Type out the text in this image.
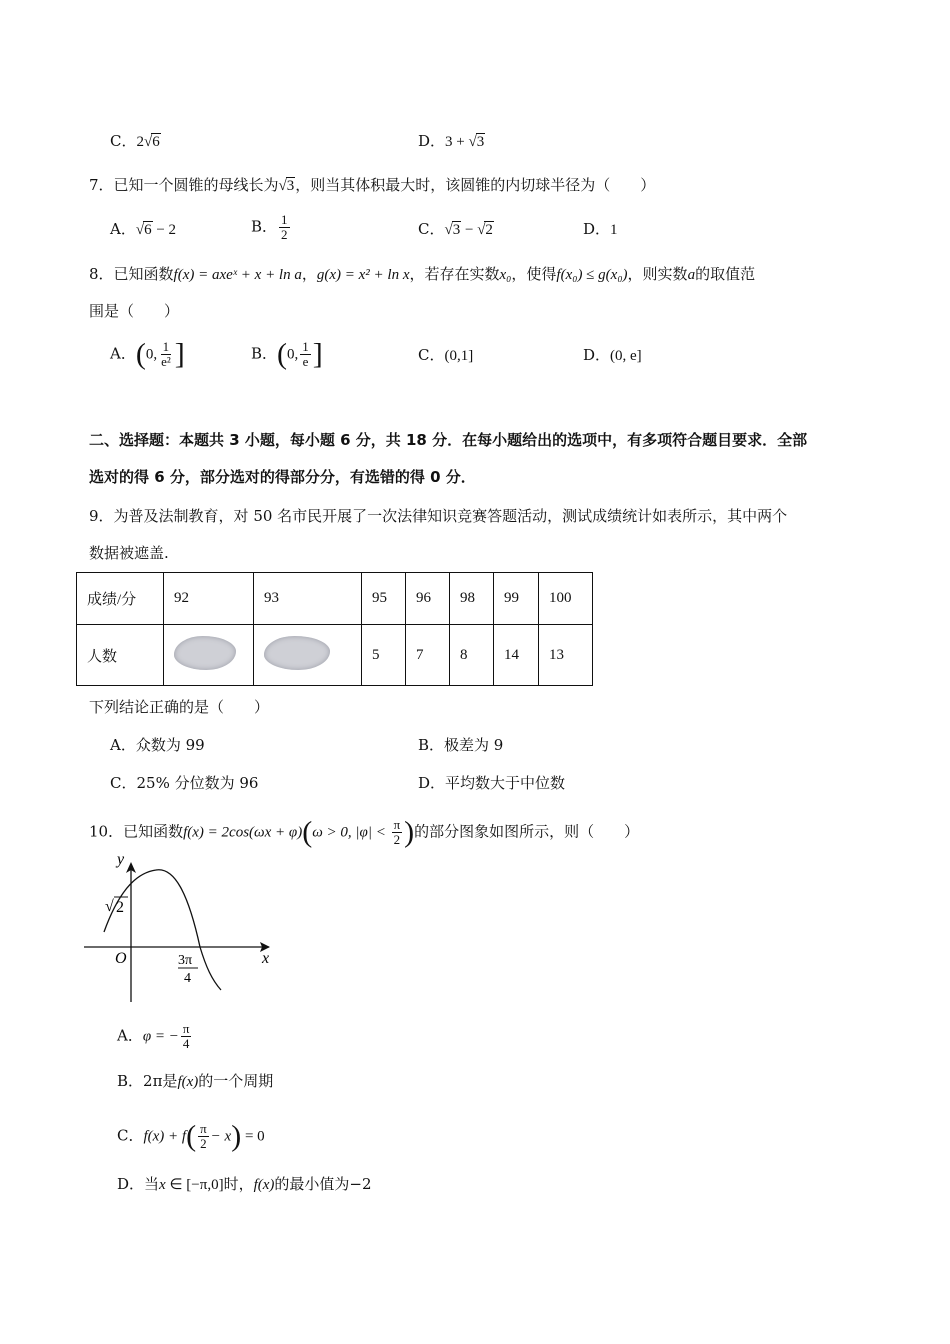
C．2√6	D．3 + √3
7．已知一个圆锥的母线长为√3，则当其体积最大时，该圆锥的内切球半径为（　　）
A．√6 − 2	B． $\frac{1}{2}$	C．√3 − √2	D．1
8．已知函数f(x) = axeˣ + x + ln a，g(x) = x² + ln x，若存在实数x₀，使得f(x₀) ≤ g(x₀)，则实数a的取值范
围是（　　）
A．(0, $\frac{1}{\text{e²}}$ ]	B．(0, $\frac{1}{e}$ ]	C．(0,1]	D．(0, e]
二、选择题：本题共 3 小题，每小题 6 分，共 18 分．在每小题给出的选项中，有多项符合题目要求．全部
选对的得 6 分，部分选对的得部分分，有选错的得 0 分．
9．为普及法制教育，对 50 名市民开展了一次法律知识竞赛答题活动，测试成绩统计如表所示，其中两个
数据被遮盖.
成绩/分	92	93	95	96	98	99	100
人数			5	7	8	14	13
下列结论正确的是（　　）
A．众数为 99	B．极差为 9
C．25% 分位数为 96	D．平均数大于中位数
10．已知函数f(x) = 2cos(ωx + φ)(ω > 0, $|\varphi| < \frac{\pi}{2}$ )的部分图象如图所示，则（　　）
y
x
O
√ 2
3π
4
A．φ = − $\frac{\pi}{4}$
B．2π是f(x)的一个周期
C．$f(x) + f( \frac{\pi}{2} - x) = 0$
D．当x ∈ [−π,0]时，f(x)的最小值为−2
